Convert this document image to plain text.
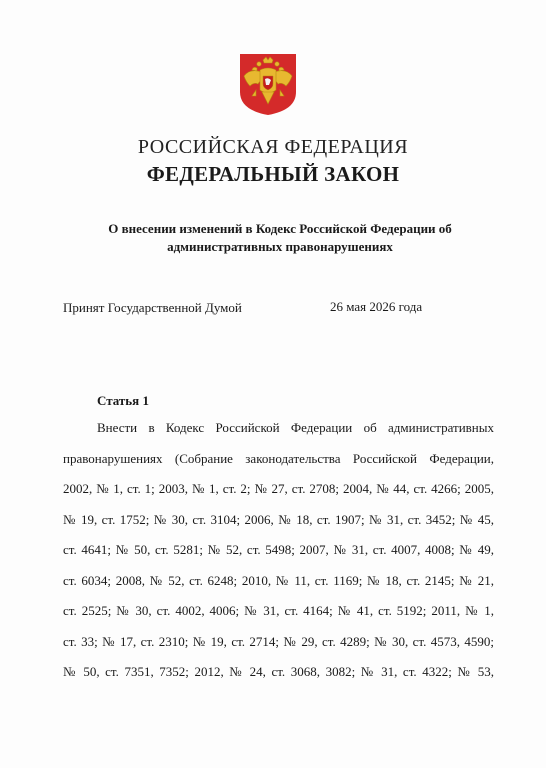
РОССИЙСКАЯ ФЕДЕРАЦИЯ
ФЕДЕРАЛЬНЫЙ ЗАКОН
О внесении изменений в Кодекс Российской Федерации об административных правонарушениях
Принят Государственной Думой	26 мая 2026 года
Статья 1
Внести в Кодекс Российской Федерации об административных
правонарушениях (Собрание законодательства Российской Федерации,
2002, № 1, ст. 1; 2003, № 1, ст. 2; № 27, ст. 2708; 2004, № 44, ст. 4266; 2005,
№ 19, ст. 1752; № 30, ст. 3104; 2006, № 18, ст. 1907; № 31, ст. 3452; № 45,
ст. 4641; № 50, ст. 5281; № 52, ст. 5498; 2007, № 31, ст. 4007, 4008; № 49,
ст. 6034; 2008, № 52, ст. 6248; 2010, № 11, ст. 1169; № 18, ст. 2145; № 21,
ст. 2525; № 30, ст. 4002, 4006; № 31, ст. 4164; № 41, ст. 5192; 2011, № 1,
ст. 33; № 17, ст. 2310; № 19, ст. 2714; № 29, ст. 4289; № 30, ст. 4573, 4590;
№ 50, ст. 7351, 7352; 2012, № 24, ст. 3068, 3082; № 31, ст. 4322; № 53,
